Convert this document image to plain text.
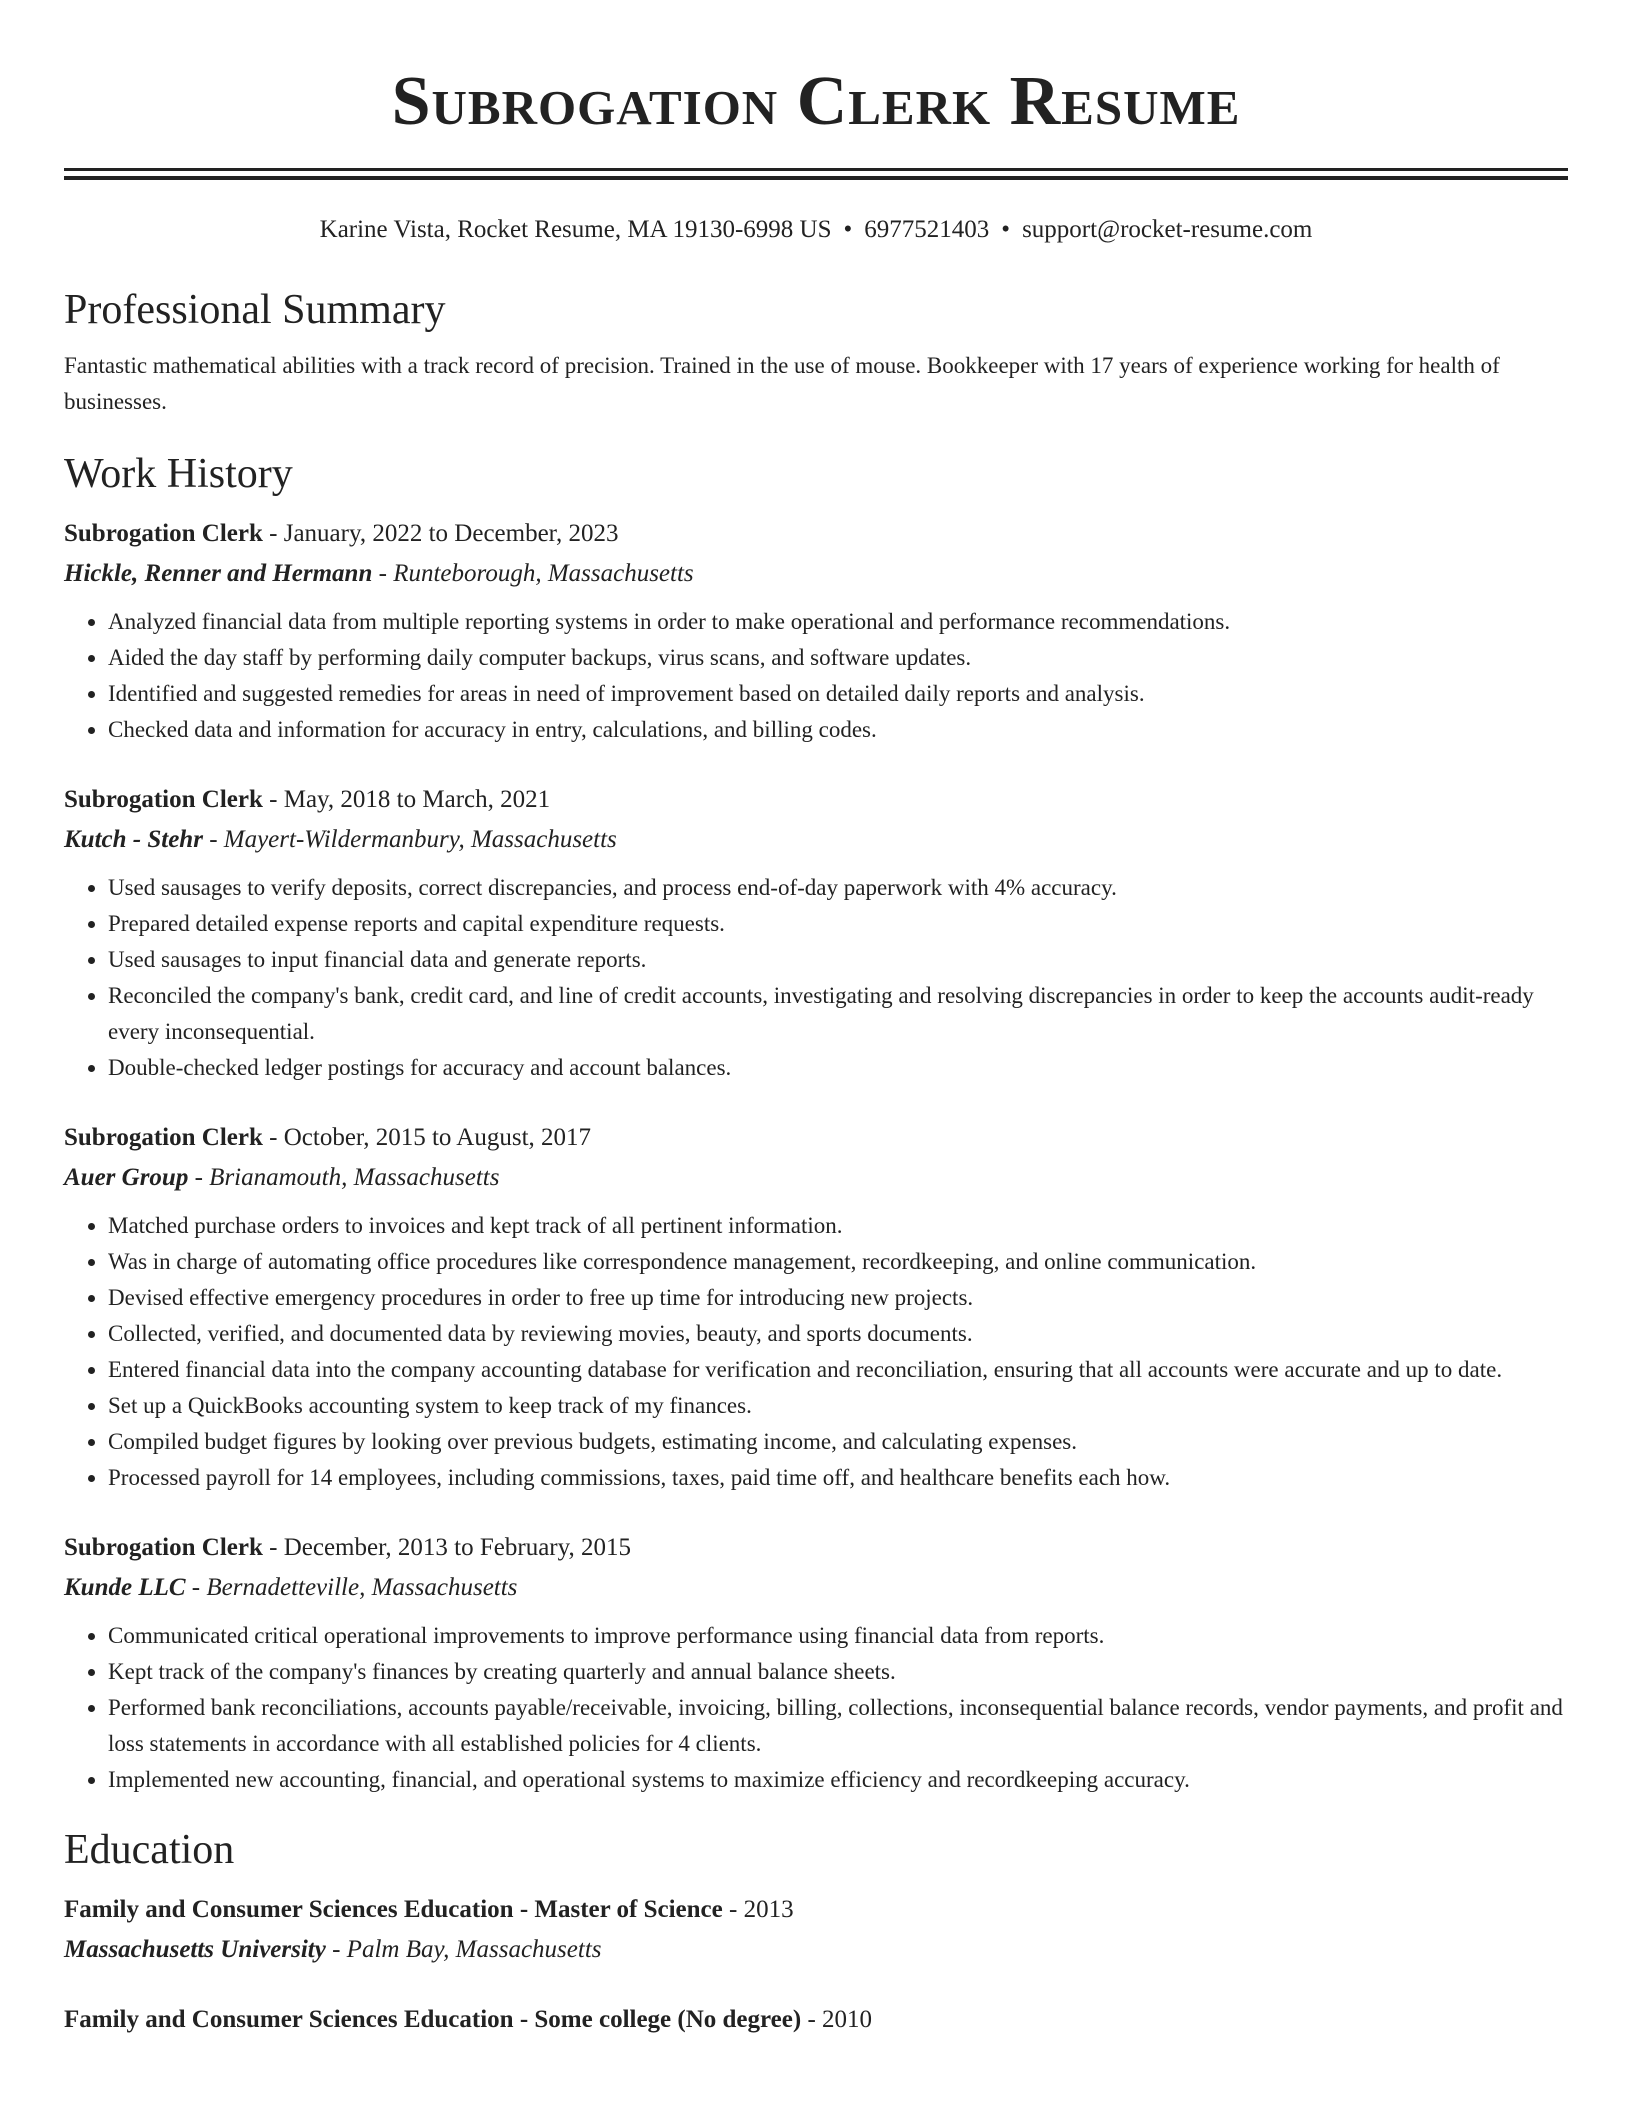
Subrogation Clerk Resume
Karine Vista, Rocket Resume, MA 19130-6998 US • 6977521403 • support@rocket-resume.com
Professional Summary

Fantastic mathematical abilities with a track record of precision. Trained in the use of mouse. Bookkeeper with 17 years of experience working for health of businesses.

Work History

Subrogation Clerk - January, 2022 to December, 2023

Hickle, Renner and Hermann - Runteborough, Massachusetts

• Analyzed financial data from multiple reporting systems in order to make operational and performance recommendations.
• Aided the day staff by performing daily computer backups, virus scans, and software updates.
• Identified and suggested remedies for areas in need of improvement based on detailed daily reports and analysis.
• Checked data and information for accuracy in entry, calculations, and billing codes.

Subrogation Clerk - May, 2018 to March, 2021

Kutch - Stehr - Mayert-Wildermanbury, Massachusetts

• Used sausages to verify deposits, correct discrepancies, and process end-of-day paperwork with 4% accuracy.
• Prepared detailed expense reports and capital expenditure requests.
• Used sausages to input financial data and generate reports.
• Reconciled the company's bank, credit card, and line of credit accounts, investigating and resolving discrepancies in order to keep the accounts audit-ready every inconsequential.
• Double-checked ledger postings for accuracy and account balances.

Subrogation Clerk - October, 2015 to August, 2017

Auer Group - Brianamouth, Massachusetts

• Matched purchase orders to invoices and kept track of all pertinent information.
• Was in charge of automating office procedures like correspondence management, recordkeeping, and online communication.
• Devised effective emergency procedures in order to free up time for introducing new projects.
• Collected, verified, and documented data by reviewing movies, beauty, and sports documents.
• Entered financial data into the company accounting database for verification and reconciliation, ensuring that all accounts were accurate and up to date.
• Set up a QuickBooks accounting system to keep track of my finances.
• Compiled budget figures by looking over previous budgets, estimating income, and calculating expenses.
• Processed payroll for 14 employees, including commissions, taxes, paid time off, and healthcare benefits each how.

Subrogation Clerk - December, 2013 to February, 2015

Kunde LLC - Bernadetteville, Massachusetts

• Communicated critical operational improvements to improve performance using financial data from reports.
• Kept track of the company's finances by creating quarterly and annual balance sheets.
• Performed bank reconciliations, accounts payable/receivable, invoicing, billing, collections, inconsequential balance records, vendor payments, and profit and loss statements in accordance with all established policies for 4 clients.
• Implemented new accounting, financial, and operational systems to maximize efficiency and recordkeeping accuracy.
Education

Family and Consumer Sciences Education - Master of Science - 2013

Massachusetts University - Palm Bay, Massachusetts

Family and Consumer Sciences Education - Some college (No degree) - 2010
